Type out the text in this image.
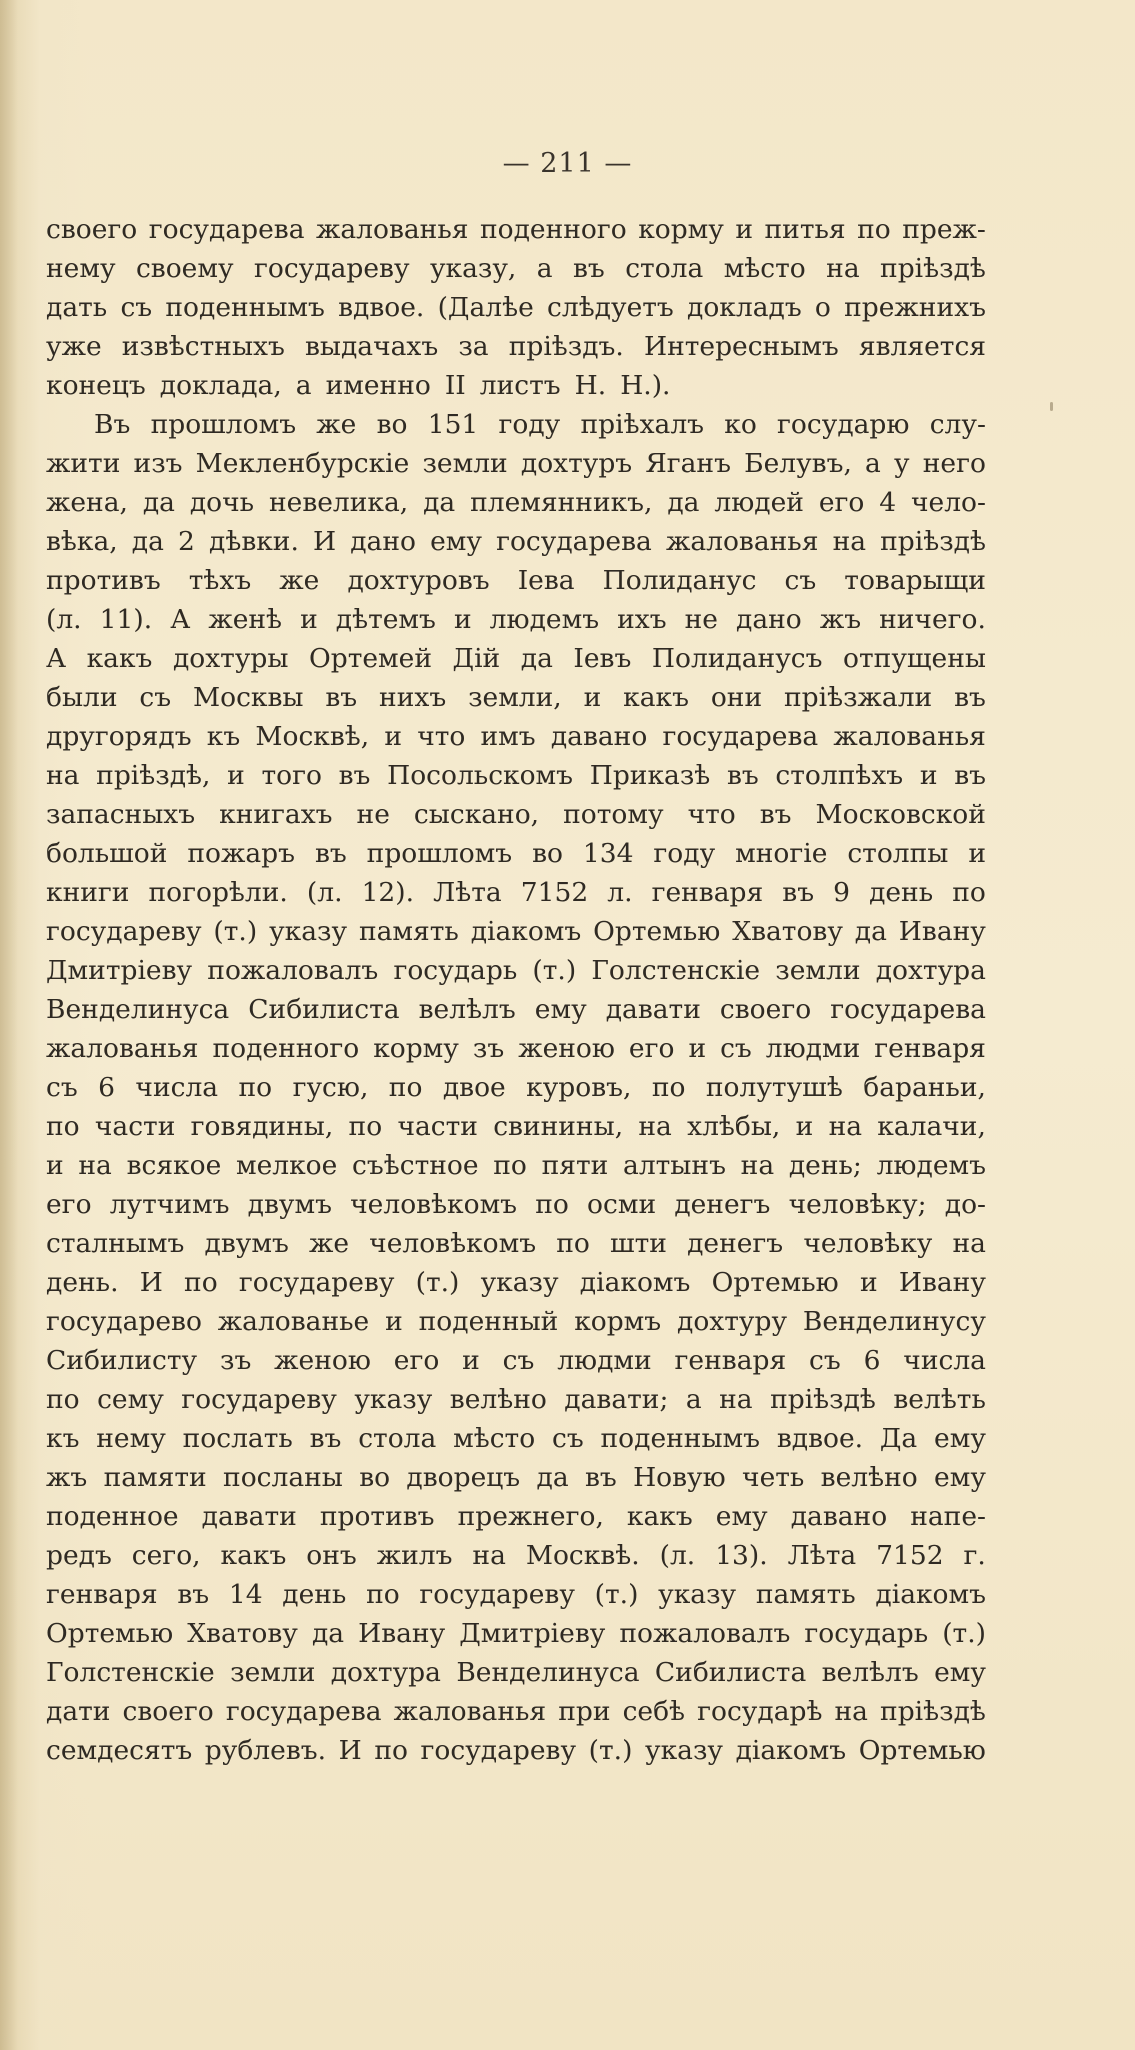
— 211 —
своего государева жалованья поденного корму и питья по преж-
нему своему государеву указу, а въ стола мѣсто на пріѣздѣ
дать съ поденнымъ вдвое. (Далѣе слѣдуетъ докладъ о прежнихъ
уже извѣстныхъ выдачахъ за пріѣздъ. Интереснымъ является
конецъ доклада, а именно II листъ Н. Н.).
Въ прошломъ же во 151 году пріѣхалъ ко государю слу-
жити изъ Мекленбурскіе земли дохтуръ Яганъ Белувъ, а у него
жена, да дочь невелика, да племянникъ, да людей его 4 чело-
вѣка, да 2 дѣвки. И дано ему государева жалованья на пріѣздѣ
противъ тѣхъ же дохтуровъ Іева Полиданус съ товарыщи
(л. 11). А женѣ и дѣтемъ и людемъ ихъ не дано жъ ничего.
А какъ дохтуры Ортемей Дій да Іевъ Полиданусъ отпущены
были съ Москвы въ нихъ земли, и какъ они пріѣзжали въ
другорядъ къ Москвѣ, и что имъ давано государева жалованья
на пріѣздѣ, и того въ Посольскомъ Приказѣ въ столпѣхъ и въ
запасныхъ книгахъ не сыскано, потому что въ Московской
большой пожаръ въ прошломъ во 134 году многіе столпы и
книги погорѣли. (л. 12). Лѣта 7152 л. генваря въ 9 день по
государеву (т.) указу память діакомъ Ортемью Хватову да Ивану
Дмитріеву пожаловалъ государь (т.) Голстенскіе земли дохтура
Венделинуса Сибилиста велѣлъ ему давати своего государева
жалованья поденного корму зъ женою его и съ людми генваря
съ 6 числа по гусю, по двое куровъ, по полутушѣ бараньи,
по части говядины, по части свинины, на хлѣбы, и на калачи,
и на всякое мелкое съѣстное по пяти алтынъ на день; людемъ
его лутчимъ двумъ человѣкомъ по осми денегъ человѣку; до-
сталнымъ двумъ же человѣкомъ по шти денегъ человѣку на
день. И по государеву (т.) указу діакомъ Ортемью и Ивану
государево жалованье и поденный кормъ дохтуру Венделинусу
Сибилисту зъ женою его и съ людми генваря съ 6 числа
по сему государеву указу велѣно давати; а на пріѣздѣ велѣть
къ нему послать въ стола мѣсто съ поденнымъ вдвое. Да ему
жъ памяти посланы во дворецъ да въ Новую четь велѣно ему
поденное давати противъ прежнего, какъ ему давано напе-
редъ сего, какъ онъ жилъ на Москвѣ. (л. 13). Лѣта 7152 г.
генваря въ 14 день по государеву (т.) указу память діакомъ
Ортемью Хватову да Ивану Дмитріеву пожаловалъ государь (т.)
Голстенскіе земли дохтура Венделинуса Сибилиста велѣлъ ему
дати своего государева жалованья при себѣ государѣ на пріѣздѣ
семдесятъ рублевъ. И по государеву (т.) указу діакомъ Ортемью
